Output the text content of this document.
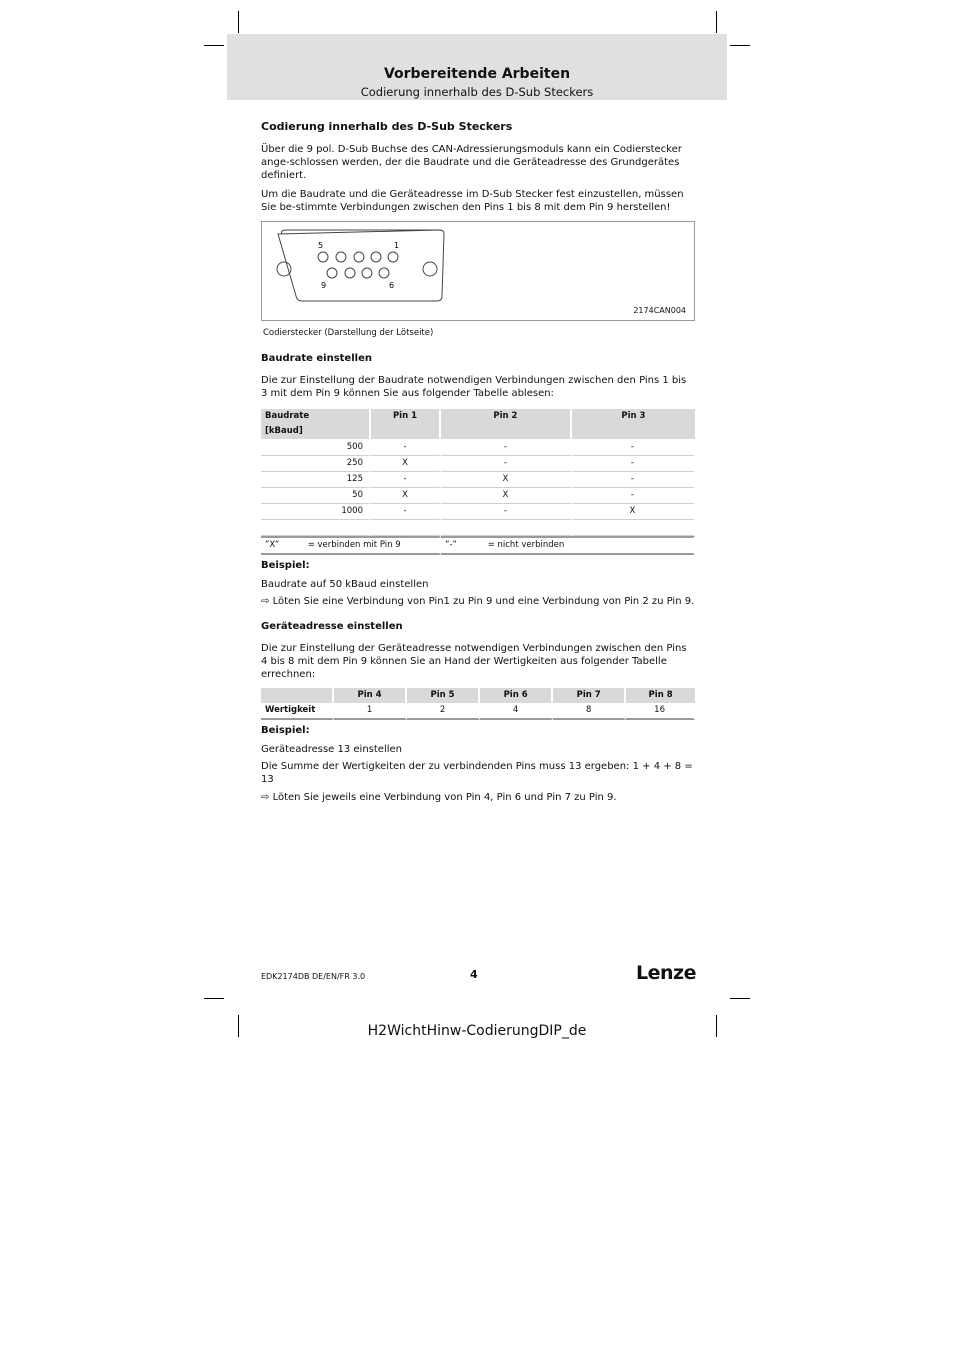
Vorbereitende Arbeiten
Codierung innerhalb des D-Sub Steckers
Codierung innerhalb des D-Sub Steckers

Über die 9 pol. D-Sub Buchse des CAN-Adressierungsmoduls kann ein Codierstecker ange-schlossen werden, der die Baudrate und die Geräteadresse des Grundgerätes definiert.

Um die Baudrate und die Geräteadresse im D-Sub Stecker fest einzustellen, müssen Sie be-stimmte Verbindungen zwischen den Pins 1 bis 8 mit dem Pin 9 herstellen!

5	1
9	6
2174CAN004
Codierstecker (Darstellung der Lötseite)
Baudrate einstellen

Die zur Einstellung der Baudrate notwendigen Verbindungen zwischen den Pins 1 bis 3 mit dem Pin 9 können Sie aus folgender Tabelle ablesen:

Baudrate	Pin 1	Pin 2	Pin 3
[kBaud]			
500	-	-	-
250	X	-	-
125	-	X	-
50	X	X	-
1000	-	-	X

”X” = verbinden mit Pin 9		”-” = nicht verbinden	
Beispiel:

Baudrate auf 50 kBaud einstellen

⇨ Löten Sie eine Verbindung von Pin1 zu Pin 9 und eine Verbindung von Pin 2 zu Pin 9.

Geräteadresse einstellen

Die zur Einstellung der Geräteadresse notwendigen Verbindungen zwischen den Pins 4 bis 8 mit dem Pin 9 können Sie an Hand der Wertigkeiten aus folgender Tabelle errechnen:

	Pin 4	Pin 5	Pin 6	Pin 7	Pin 8
Wertigkeit	1	2	4	8	16
Beispiel:

Geräteadresse 13 einstellen

Die Summe der Wertigkeiten der zu verbindenden Pins muss 13 ergeben: 1 + 4 + 8 = 13

⇨ Löten Sie jeweils eine Verbindung von Pin 4, Pin 6 und Pin 7 zu Pin 9.

EDK2174DB DE/EN/FR 3.0	4	Lenze
H2WichtHinw-CodierungDIP_de
